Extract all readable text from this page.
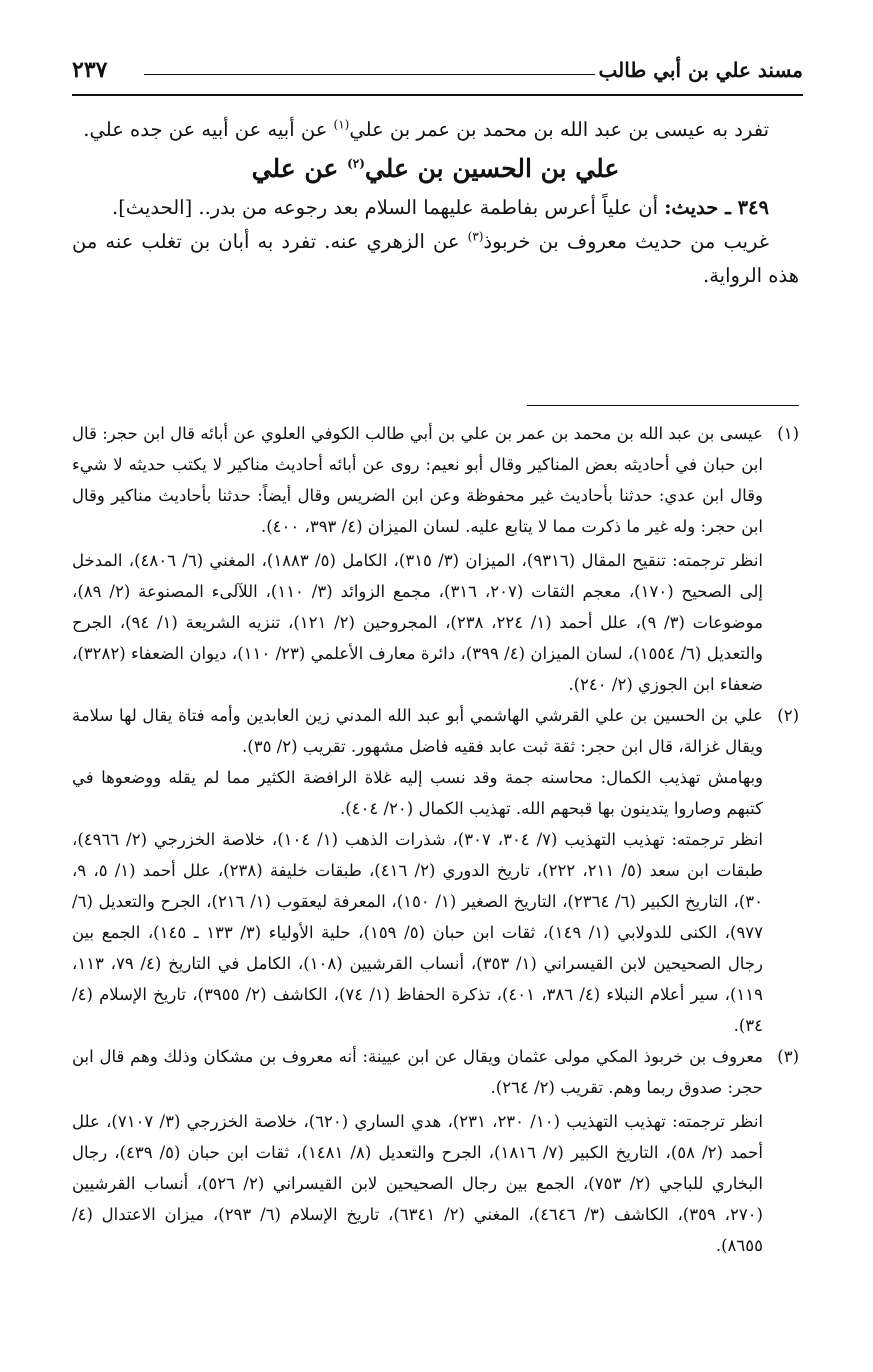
مسند علي بن أبي طالب
٢٣٧

تفرد به عيسى بن عبد الله بن محمد بن عمر بن علي$^{(١)}$ عن أبيه عن أبيه عن جده علي.

علي بن الحسين بن علي$^{(٢)}$ عن علي

٣٤٩ ـ حديث: أن علياً أعرس بفاطمة عليهما السلام بعد رجوعه من بدر.. [الحديث].

غريب من حديث معروف بن خربوذ$^{(٣)}$ عن الزهري عنه. تفرد به أبان بن تغلب عنه من هذه الرواية.

(١)

عيسى بن عبد الله بن محمد بن عمر بن علي بن أبي طالب الكوفي العلوي عن أبائه قال ابن حجر: قال ابن حبان في أحاديثه بعض المناكير وقال أبو نعيم: روى عن أبائه أحاديث مناكير لا يكتب حديثه لا شيء وقال ابن عدي: حدثنا بأحاديث غير محفوظة وعن ابن الضريس وقال أيضاً: حدثنا بأحاديث مناكير وقال ابن حجر: وله غير ما ذكرت مما لا يتابع عليه. لسان الميزان (٤/ ٣٩٣، ٤٠٠).

انظر ترجمته: تنقيح المقال (٩٣١٦)، الميزان (٣/ ٣١٥)، الكامل (٥/ ١٨٨٣)، المغني (٦/ ٤٨٠٦)، المدخل إلى الصحيح (١٧٠)، معجم الثقات (٢٠٧، ٣١٦)، مجمع الزوائد (٣/ ١١٠)، اللآلىء المصنوعة (٢/ ٨٩)، موضوعات (٣/ ٩)، علل أحمد (١/ ٢٢٤، ٢٣٨)، المجروحين (٢/ ١٢١)، تنزيه الشريعة (١/ ٩٤)، الجرح والتعديل (٦/ ١٥٥٤)، لسان الميزان (٤/ ٣٩٩)، دائرة معارف الأعلمي (٢٣/ ١١٠)، ديوان الضعفاء (٣٢٨٢)، ضعفاء ابن الجوزي (٢/ ٢٤٠).

(٢)

علي بن الحسين بن علي القرشي الهاشمي أبو عبد الله المدني زين العابدين وأمه فتاة يقال لها سلامة ويقال غزالة، قال ابن حجر: ثقة ثبت عابد فقيه فاضل مشهور. تقريب (٢/ ٣٥).

وبهامش تهذيب الكمال: محاسنه جمة وقد نسب إليه غلاة الرافضة الكثير مما لم يقله ووضعوها في كتبهم وصاروا يتدينون بها قبحهم الله. تهذيب الكمال (٢٠/ ٤٠٤).

انظر ترجمته: تهذيب التهذيب (٧/ ٣٠٤، ٣٠٧)، شذرات الذهب (١/ ١٠٤)، خلاصة الخزرجي (٢/ ٤٩٦٦)، طبقات ابن سعد (٥/ ٢١١، ٢٢٢)، تاريخ الدوري (٢/ ٤١٦)، طبقات خليفة (٢٣٨)، علل أحمد (١/ ٥، ٩، ٣٠)، التاريخ الكبير (٦/ ٢٣٦٤)، التاريخ الصغير (١/ ١٥٠)، المعرفة ليعقوب (١/ ٢١٦)، الجرح والتعديل (٦/ ٩٧٧)، الكنى للدولابي (١/ ١٤٩)، ثقات ابن حبان (٥/ ١٥٩)، حلية الأولياء (٣/ ١٣٣ ـ ١٤٥)، الجمع بين رجال الصحيحين لابن القيسراني (١/ ٣٥٣)، أنساب القرشيين (١٠٨)، الكامل في التاريخ (٤/ ٧٩، ١١٣، ١١٩)، سير أعلام النبلاء (٤/ ٣٨٦، ٤٠١)، تذكرة الحفاظ (١/ ٧٤)، الكاشف (٢/ ٣٩٥٥)، تاريخ الإسلام (٤/ ٣٤).

(٣)

معروف بن خربوذ المكي مولى عثمان ويقال عن ابن عيينة: أنه معروف بن مشكان وذلك وهم قال ابن حجر: صدوق ربما وهم. تقريب (٢/ ٢٦٤).

انظر ترجمته: تهذيب التهذيب (١٠/ ٢٣٠، ٢٣١)، هدي الساري (٦٢٠)، خلاصة الخزرجي (٣/ ٧١٠٧)، علل أحمد (٢/ ٥٨)، التاريخ الكبير (٧/ ١٨١٦)، الجرح والتعديل (٨/ ١٤٨١)، ثقات ابن حبان (٥/ ٤٣٩)، رجال البخاري للباجي (٢/ ٧٥٣)، الجمع بين رجال الصحيحين لابن القيسراني (٢/ ٥٢٦)، أنساب القرشيين (٢٧٠، ٣٥٩)، الكاشف (٣/ ٤٦٤٦)، المغني (٢/ ٦٣٤١)، تاريخ الإسلام (٦/ ٢٩٣)، ميزان الاعتدال (٤/ ٨٦٥٥).
